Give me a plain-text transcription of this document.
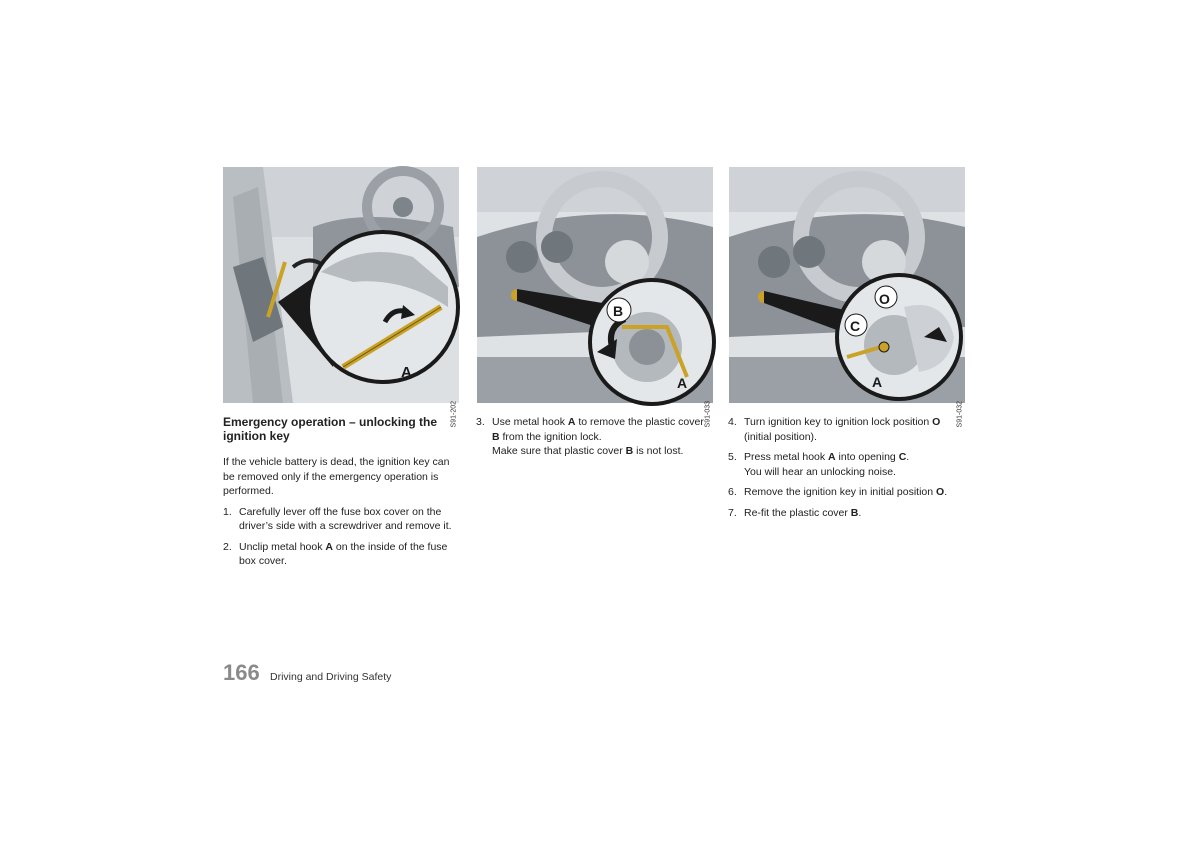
A
S91-202
B
A
S91-033
O
C
A
S91-032
Emergency operation – unlocking the ignition key

If the vehicle battery is dead, the ignition key can be removed only if the emergency operation is performed.

1. Carefully lever off the fuse box cover on the driver’s side with a screwdriver and remove it.
2. Unclip metal hook A on the inside of the fuse box cover.
3. Use metal hook A to remove the plastic cover B from the ignition lock.
Make sure that plastic cover B is not lost.
4. Turn ignition key to ignition lock position O (initial position).
5. Press metal hook A into opening C.
You will hear an unlocking noise.
6. Remove the ignition key in initial position O.
7. Re-fit the plastic cover B.
166 Driving and Driving Safety
